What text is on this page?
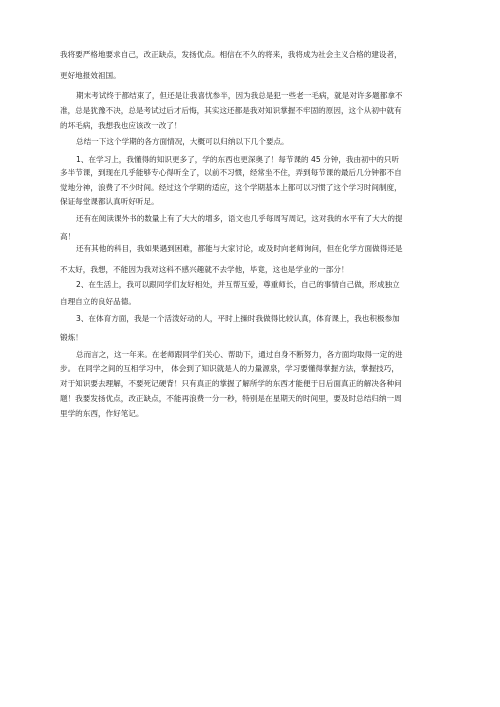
我将要严格地要求自己，改正缺点，发扬优点。相信在不久的将来，我将成为社会主义合格的建设者，
更好地报效祖国。
期末考试终于都结束了，但还是让我喜忧参半，因为我总是犯一些老一毛病，就是对许多题都拿不
准，总是犹豫不决，总是考试过后才后悔，其实这还都是我对知识掌握不牢固的原因，这个从初中就有
的坏毛病，我想我也应该改一改了！
总结一下这个学期的各方面情况，大概可以归纳以下几个要点。
1、在学习上，我懂得的知识更多了，学的东西也更深奥了！每节课的 45 分钟，我由初中的只听
多半节课，到现在几乎能够专心得听全了，以前不习惯，经常坐不住，弄到每节课的最后几分钟都不自
觉地分神，浪费了不少时间。经过这个学期的适应，这个学期基本上都可以习惯了这个学习时间制度，
保证每堂课都认真听好听足。
还有在阅读课外书的数量上有了大大的增多，语文也几乎每周写周记，这对我的水平有了大大的提
高！
还有其他的科目，我如果遇到困难，都能与大家讨论，或及时向老师询问，但在化学方面做得还是
不太好，我想，不能因为我对这科不感兴趣就不去学他，毕竟，这也是学业的一部分！
2、在生活上，我可以跟同学们友好相处，并互帮互爱，尊重师长，自己的事情自己做，形成独立
自理自立的良好品德。
3、在体育方面，我是一个活泼好动的人，平时上操时我做得比较认真，体育课上，我也积极参加
锻炼！
总而言之，这一年来。在老师跟同学们关心、帮助下，通过自身不断努力，各方面均取得一定的进
步。 在同学之间的互相学习中， 体会到了知识就是人的力量源泉，学习要懂得掌握方法，掌握技巧，
对于知识要去理解，不要死记硬背！只有真正的掌握了解所学的东西才能便于日后面真正的解决各种问
题！我要发扬优点，改正缺点，不能再浪费一分一秒，特别是在星期天的时间里，要及时总结归纳一周
里学的东西，作好笔记。
